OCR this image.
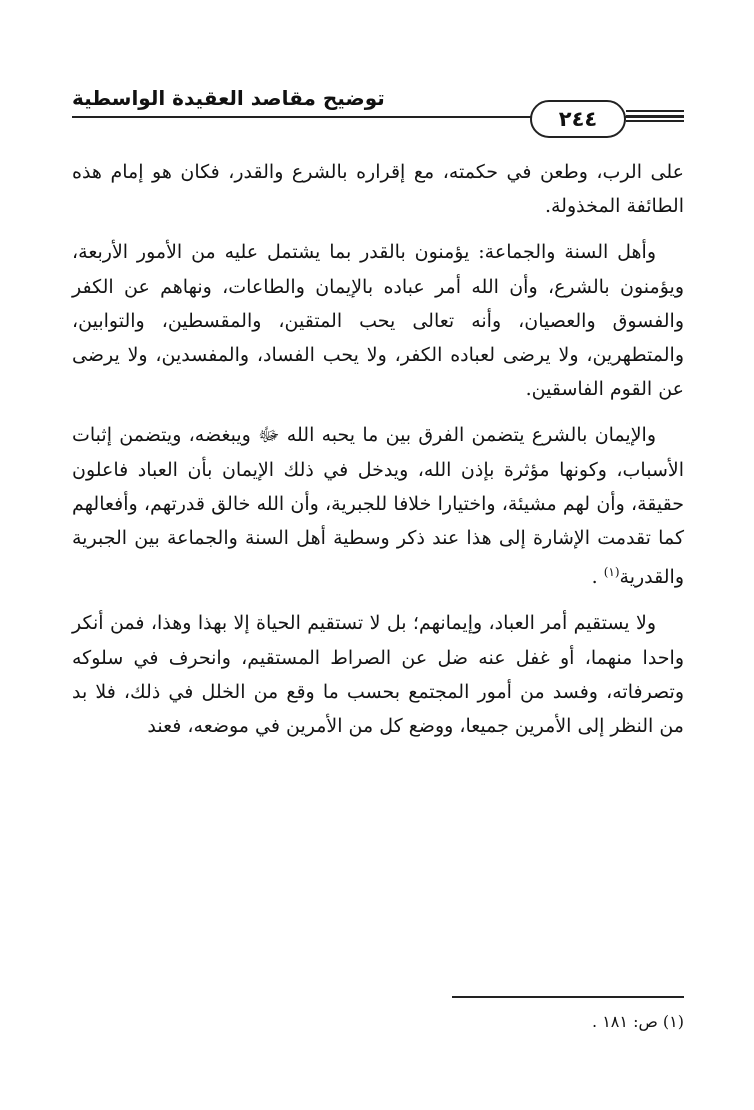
توضيح مقاصد العقيدة الواسطية
٢٤٤

على الرب، وطعن في حكمته، مع إقراره بالشرع والقدر، فكان هو إمام هذه الطائفة المخذولة.

وأهل السنة والجماعة: يؤمنون بالقدر بما يشتمل عليه من الأمور الأربعة، ويؤمنون بالشرع، وأن الله أمر عباده بالإيمان والطاعات، ونهاهم عن الكفر والفسوق والعصيان، وأنه تعالى يحب المتقين، والمقسطين، والتوابين، والمتطهرين، ولا يرضى لعباده الكفر، ولا يحب الفساد، والمفسدين، ولا يرضى عن القوم الفاسقين.

والإيمان بالشرع يتضمن الفرق بين ما يحبه الله ﷻ ويبغضه، ويتضمن إثبات الأسباب، وكونها مؤثرة بإذن الله، ويدخل في ذلك الإيمان بأن العباد فاعلون حقيقة، وأن لهم مشيئة، واختيارا خلافا للجبرية، وأن الله خالق قدرتهم، وأفعالهم كما تقدمت الإشارة إلى هذا عند ذكر وسطية أهل السنة والجماعة بين الجبرية والقدرية$^{(١)}$ .

ولا يستقيم أمر العباد، وإيمانهم؛ بل لا تستقيم الحياة إلا بهذا وهذا، فمن أنكر واحدا منهما، أو غفل عنه ضل عن الصراط المستقيم، وانحرف في سلوكه وتصرفاته، وفسد من أمور المجتمع بحسب ما وقع من الخلل في ذلك، فلا بد من النظر إلى الأمرين جميعا، ووضع كل من الأمرين في موضعه، فعند

(١) ص: ١٨١ .
